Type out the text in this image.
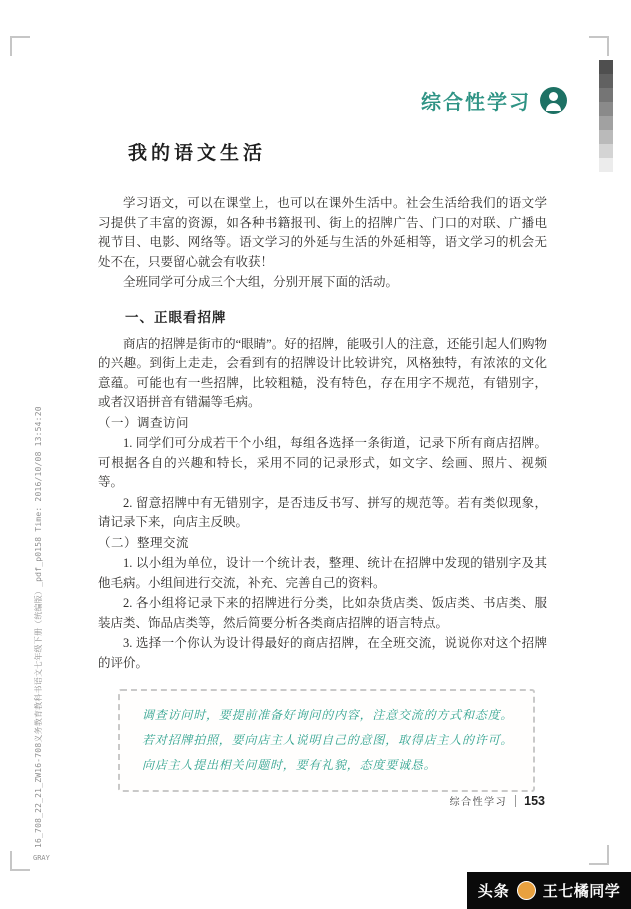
综合性学习
我的语文生活

学习语文，可以在课堂上，也可以在课外生活中。社会生活给我们的语文学习提供了丰富的资源，如各种书籍报刊、街上的招牌广告、门口的对联、广播电视节目、电影、网络等。语文学习的外延与生活的外延相等，语文学习的机会无处不在，只要留心就会有收获！

全班同学可分成三个大组，分别开展下面的活动。

一、正眼看招牌

商店的招牌是街市的“眼睛”。好的招牌，能吸引人的注意，还能引起人们购物的兴趣。到街上走走，会看到有的招牌设计比较讲究，风格独特，有浓浓的文化意蕴。可能也有一些招牌，比较粗糙，没有特色，存在用字不规范，有错别字，或者汉语拼音有错漏等毛病。

（一）调查访问

1. 同学们可分成若干个小组，每组各选择一条街道，记录下所有商店招牌。可根据各自的兴趣和特长，采用不同的记录形式，如文字、绘画、照片、视频等。

2. 留意招牌中有无错别字，是否违反书写、拼写的规范等。若有类似现象，请记录下来，向店主反映。

（二）整理交流

1. 以小组为单位，设计一个统计表，整理、统计在招牌中发现的错别字及其他毛病。小组间进行交流，补充、完善自己的资料。

2. 各小组将记录下来的招牌进行分类，比如杂货店类、饭店类、书店类、服装店类、饰品店类等，然后简要分析各类商店招牌的语言特点。

3. 选择一个你认为设计得最好的商店招牌，在全班交流，说说你对这个招牌的评价。

调查访问时，要提前准备好询问的内容，注意交流的方式和态度。
若对招牌拍照，要向店主人说明自己的意图，取得店主人的许可。
向店主人提出相关问题时，要有礼貌，态度要诚恳。
综合性学习 153
16_708_22_21_ZW16-708义务教育教科书语文七年级下册（统编版）_pdf_p0158 Time: 2016/10/08 13:54:20
GRAY
头条 王七橘同学
